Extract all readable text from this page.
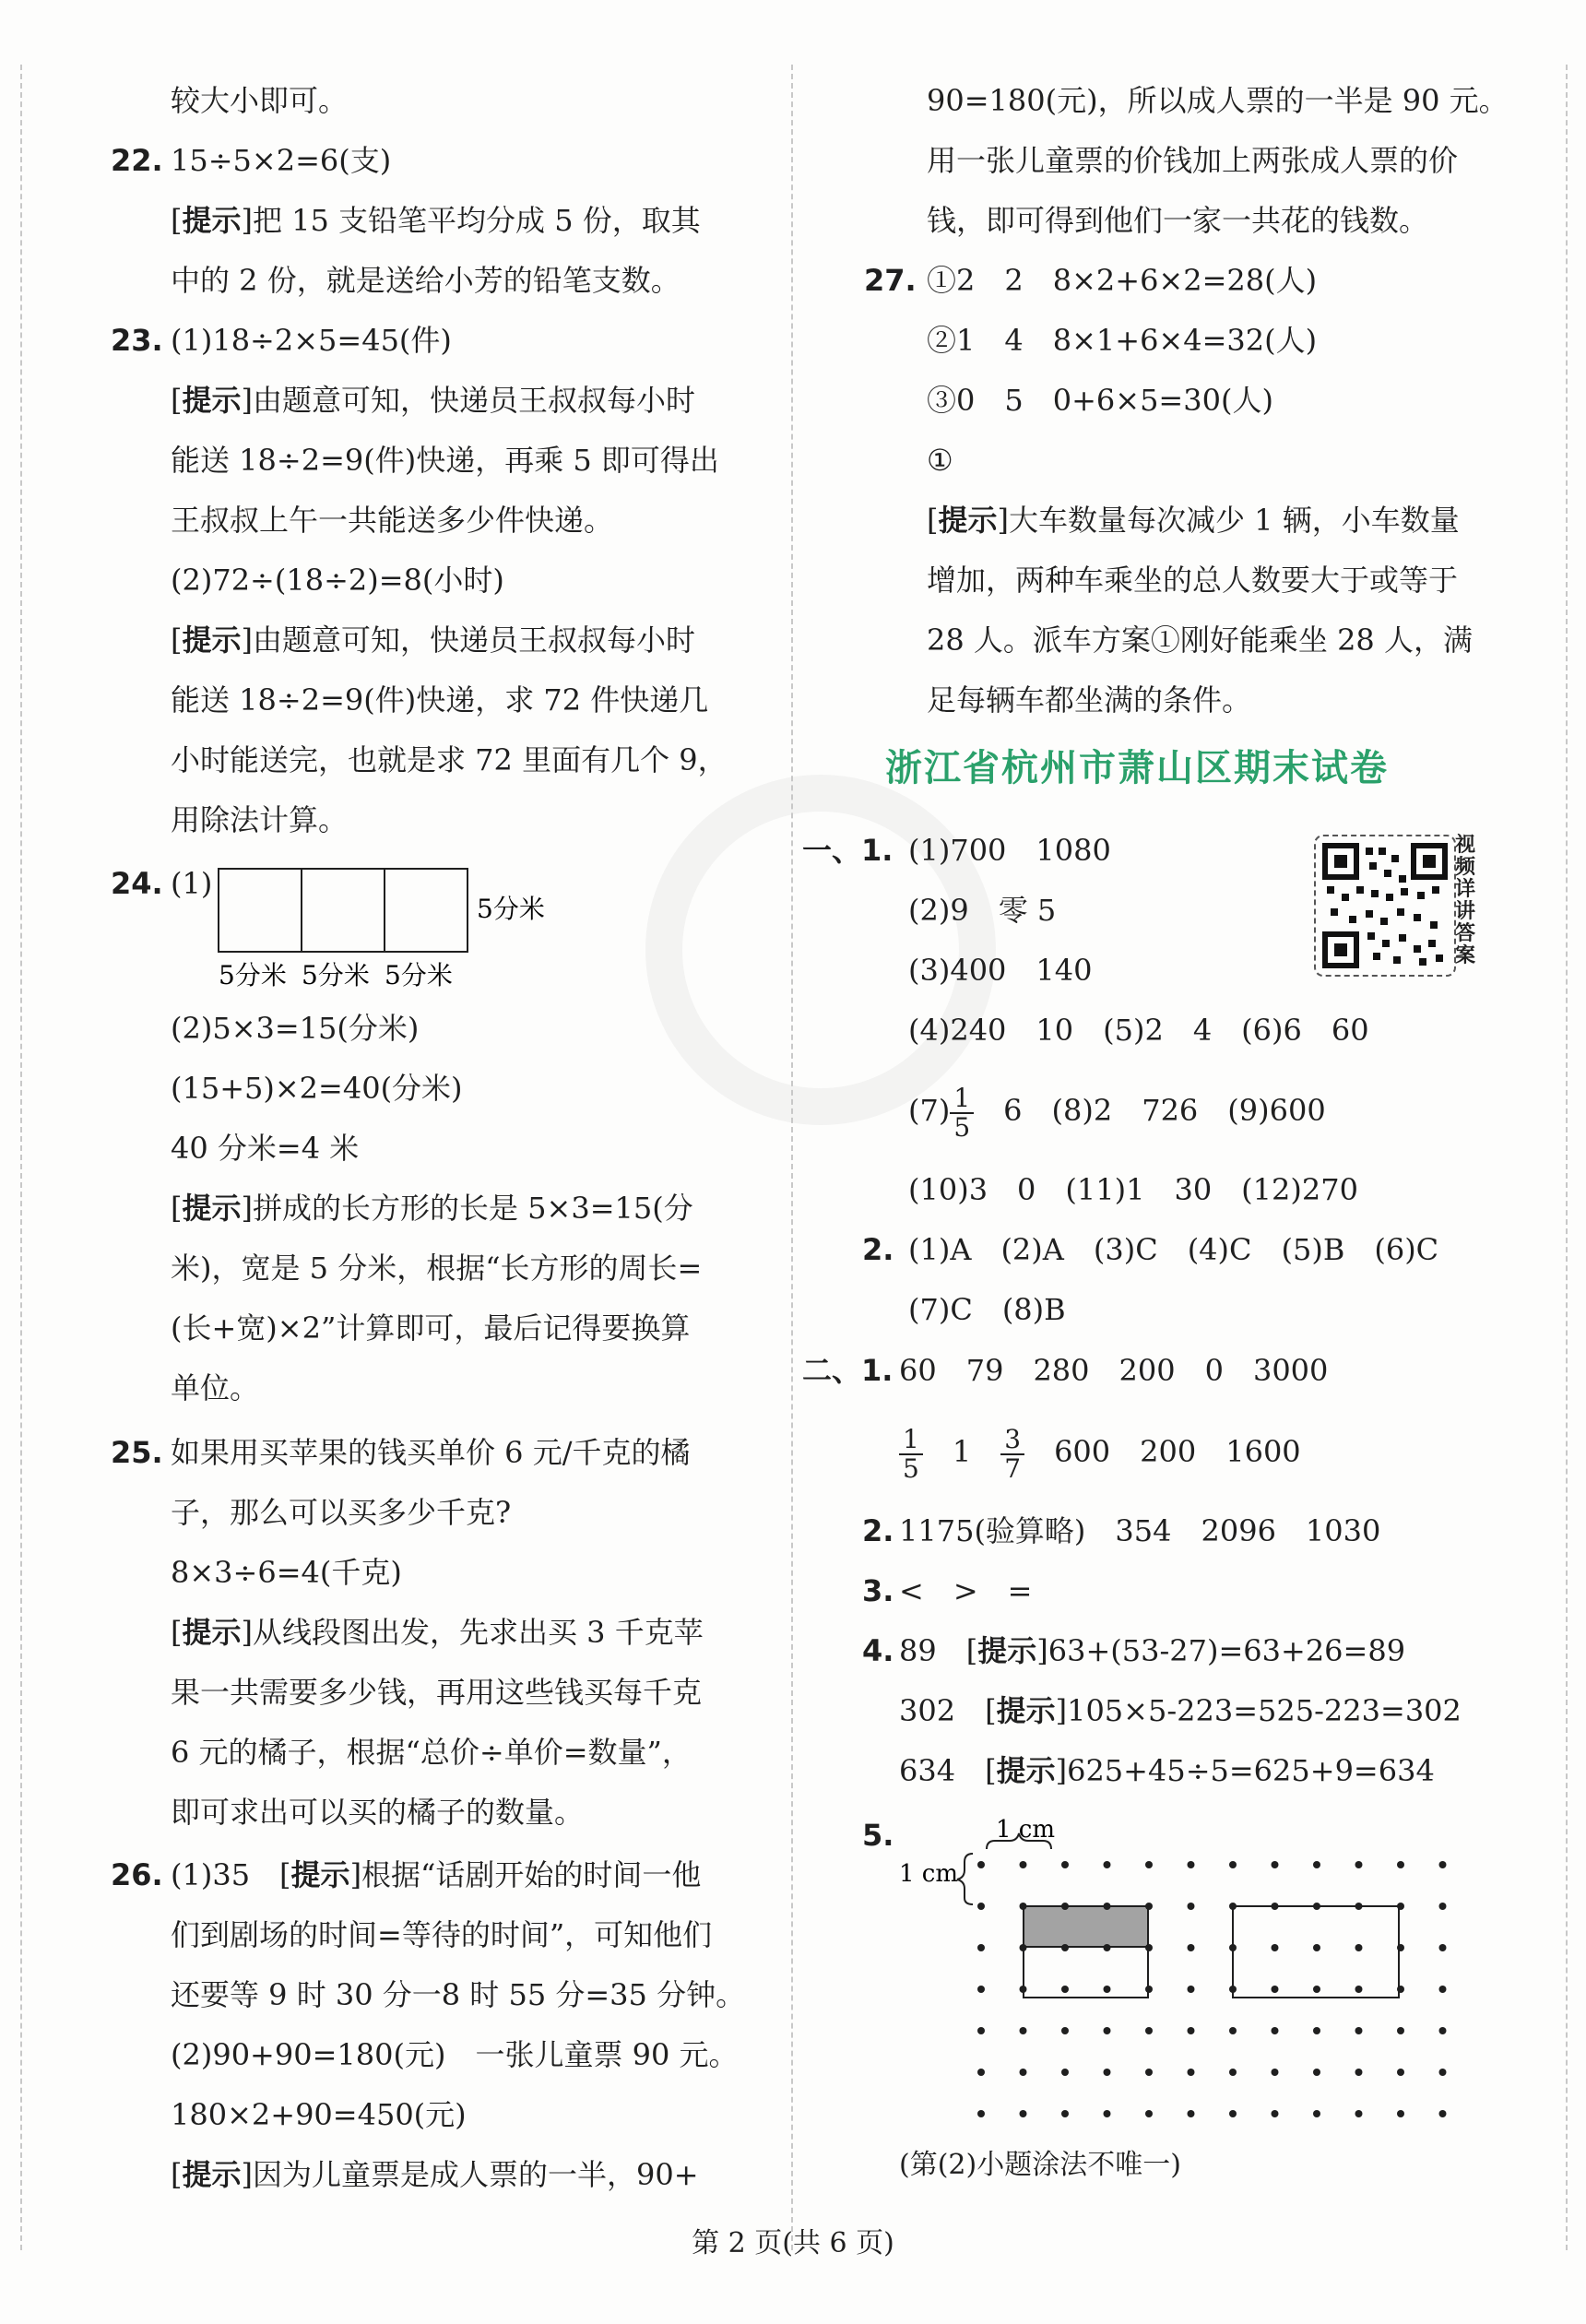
较大小即可。
22. 15÷5×2=6(支)
[提示]把 15 支铅笔平均分成 5 份，取其
中的 2 份，就是送给小芳的铅笔支数。
23. (1)18÷2×5=45(件)
[提示]由题意可知，快递员王叔叔每小时
能送 18÷2=9(件)快递，再乘 5 即可得出
王叔叔上午一共能送多少件快递。
(2)72÷(18÷2)=8(小时)
[提示]由题意可知，快递员王叔叔每小时
能送 18÷2=9(件)快递，求 72 件快递几
小时能送完，也就是求 72 里面有几个 9，
用除法计算。
24. (1)
5分米
5分米 5分米 5分米
(2)5×3=15(分米)
(15+5)×2=40(分米)
40 分米=4 米
[提示]拼成的长方形的长是 5×3=15(分
米)，宽是 5 分米，根据“长方形的周长=
(长+宽)×2”计算即可，最后记得要换算
单位。
25. 如果用买苹果的钱买单价 6 元/千克的橘
子，那么可以买多少千克?
8×3÷6=4(千克)
[提示]从线段图出发，先求出买 3 千克苹
果一共需要多少钱，再用这些钱买每千克
6 元的橘子，根据“总价÷单价=数量”，
即可求出可以买的橘子的数量。
26. (1)35　[提示]根据“话剧开始的时间一他
们到剧场的时间=等待的时间”，可知他们
还要等 9 时 30 分一8 时 55 分=35 分钟。
(2)90+90=180(元)　一张儿童票 90 元。
180×2+90=450(元)
[提示]因为儿童票是成人票的一半，90+
90=180(元)，所以成人票的一半是 90 元。
用一张儿童票的价钱加上两张成人票的价
钱，即可得到他们一家一共花的钱数。
27. ①2　2　8×2+6×2=28(人)
②1　4　8×1+6×4=32(人)
③0　5　0+6×5=30(人)
①
[提示]大车数量每次减少 1 辆，小车数量
增加，两种车乘坐的总人数要大于或等于
28 人。派车方案①刚好能乘坐 28 人，满
足每辆车都坐满的条件。
浙江省杭州市萧山区期末试卷
视频详讲答案
一、1. (1)700　1080
(2)9　零 5
(3)400　140
(4)240　10　(5)2　4　(6)6　60
$(7) \frac{1}{5}$ 　6　(8)2　726　(9)600
(10)3　0　(11)1　30　(12)270
2. (1)A　(2)A　(3)C　(4)C　(5)B　(6)C
(7)C　(8)B
二、1. 60　79　280　200　0　3000
$\frac{1}{5}$
　 1　 $\frac{3}{7}$
　 600　200　1600
2. 1175(验算略)　354　2096　1030
3. <　>　=
4. 89　[提示]63+(53-27)=63+26=89
302　[提示]105×5-223=525-223=302
634　[提示]625+45÷5=625+9=634
5.	1 cm
1 cm
(第(2)小题涂法不唯一)
第 2 页(共 6 页)
